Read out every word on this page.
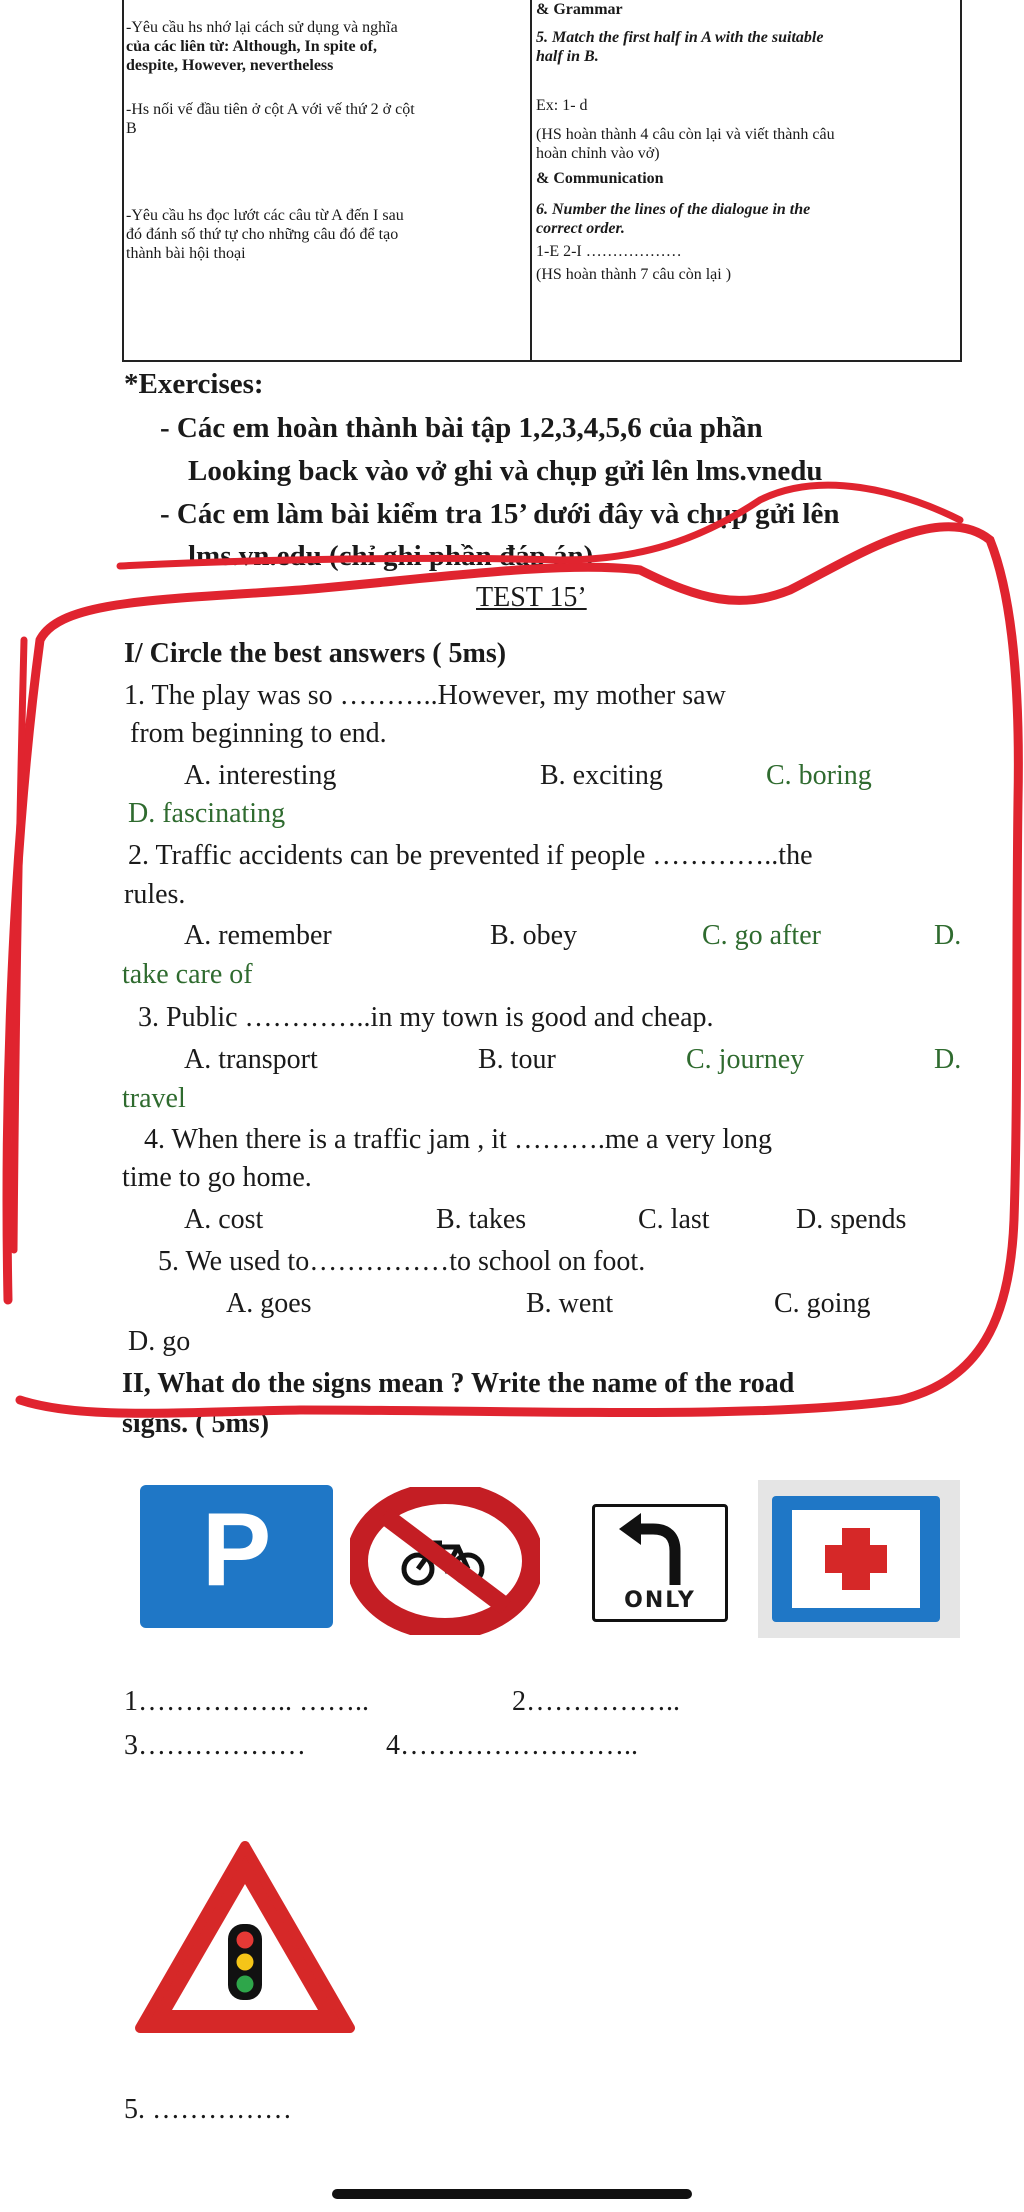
-Yêu cầu hs nhớ lại cách sử dụng và nghĩa
của các liên từ: Although, In spite of,
despite, However, nevertheless
-Hs nối vế đầu tiên ở cột A với vế thứ 2 ở cột
B
-Yêu cầu hs đọc lướt các câu từ A đến I sau
đó đánh số thứ tự cho những câu đó để tạo
thành bài hội thoại
& Grammar
5. Match the first half in A with the suitable
half in B.
Ex: 1- d
(HS hoàn thành 4 câu còn lại và viết thành câu
hoàn chỉnh vào vở)
& Communication
6. Number the lines of the dialogue in the
correct order.
1-E 2-I ………………
(HS hoàn thành 7 câu còn lại )
*Exercises:
- Các em hoàn thành bài tập 1,2,3,4,5,6 của phần
Looking back vào vở ghi và chụp gửi lên lms.vnedu
- Các em làm bài kiểm tra 15’ dưới đây và chụp gửi lên
lms.vn.edu (chỉ ghi phần đáp án)
TEST 15’
I/ Circle the best answers ( 5ms)
1. The play was so ………..However, my mother saw
from beginning to end.
A. interesting	B. exciting	C. boring
D. fascinating
2. Traffic accidents can be prevented if people …………..the
rules.
A. remember	B. obey	C. go after	D.
take care of
3. Public …………..in my town is good and cheap.
A. transport	B. tour	C. journey	D.
travel
4. When there is a traffic jam , it ……….me a very long
time to go home.
A. cost	B. takes	C. last	D. spends
5. We used to……………to school on foot.
A. goes	B. went	C. going
D. go
II, What do the signs mean ? Write the name of the road
signs. ( 5ms)
P	ONLY
1…………….. ……..	2……………..
3………………	4……………………..
5. ……………
